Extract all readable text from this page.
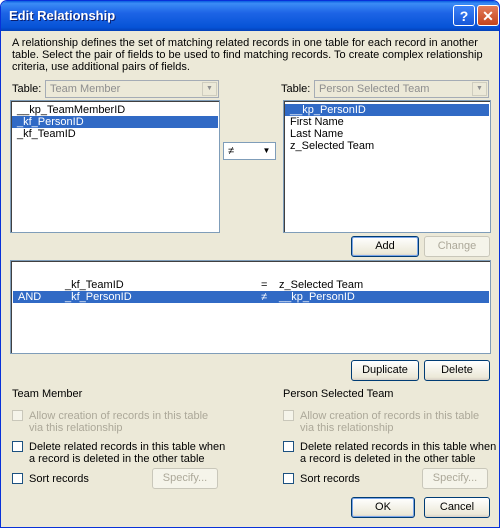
Edit Relationship	? ✕
A relationship defines the set of matching related records in one table for each record in another table. Select the pair of fields to be used to find matching records. To create complex relationship criteria, use additional pairs of fields.
Table: Team Member	▼	Table: Person Selected Team	▼
__kp_TeamMemberID
_kf_PersonID
_kf_TeamID
≠	▼
__kp_PersonID
First Name
Last Name
z_Selected Team
Add	Change
_kf_TeamID	= z_Selected Team
AND _kf_PersonID	≠ __kp_PersonID
Duplicate	Delete
Team Member
Allow creation of records in this table
via this relationship
Delete related records in this table when
a record is deleted in the other table
Sort records	Specify...
Person Selected Team
Allow creation of records in this table
via this relationship
Delete related records in this table when
a record is deleted in the other table
Sort records	Specify...
OK	Cancel
